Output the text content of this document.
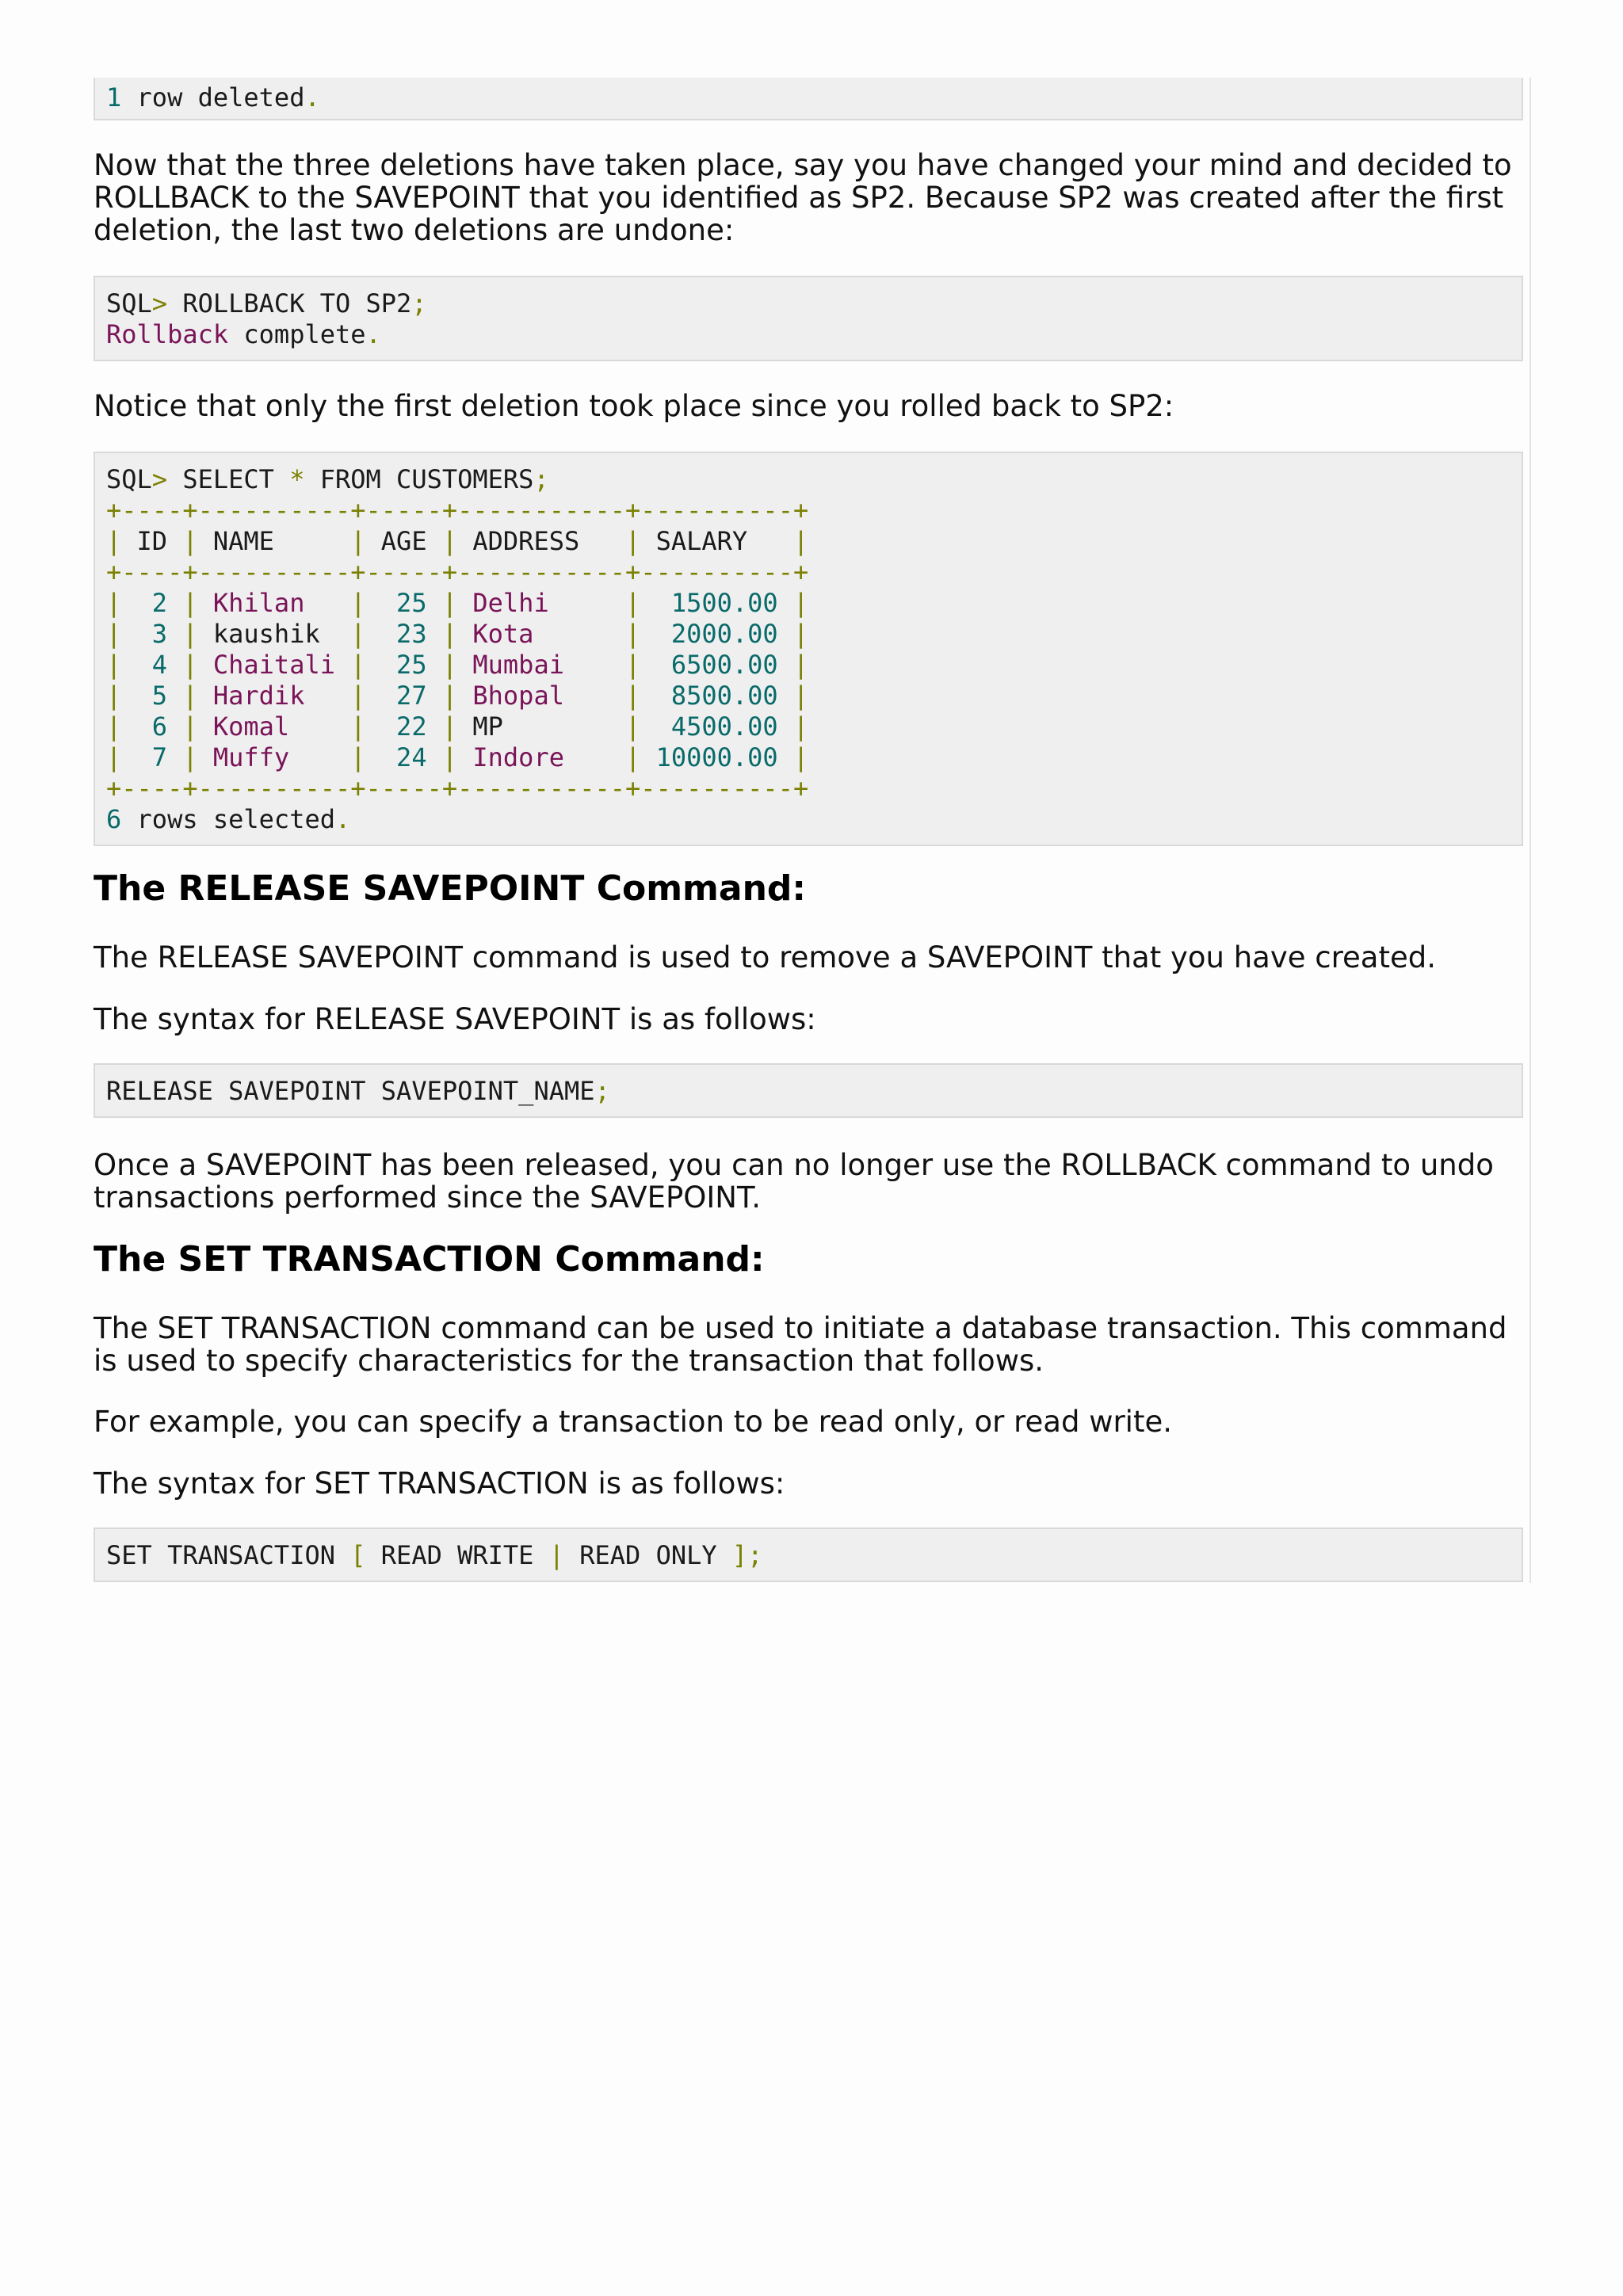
1 row deleted.

Now that the three deletions have taken place, say you have changed your mind and decided to ROLLBACK to the SAVEPOINT that you identified as SP2. Because SP2 was created after the first deletion, the last two deletions are undone:

SQL> ROLLBACK TO SP2;
Rollback complete.

Notice that only the first deletion took place since you rolled back to SP2:

SQL> SELECT * FROM CUSTOMERS;
+----+----------+-----+-----------+----------+
| ID | NAME     | AGE | ADDRESS   | SALARY   |
+----+----------+-----+-----------+----------+
|  2 | Khilan   |  25 | Delhi     |  1500.00 |
|  3 | kaushik  |  23 | Kota      |  2000.00 |
|  4 | Chaitali |  25 | Mumbai    |  6500.00 |
|  5 | Hardik   |  27 | Bhopal    |  8500.00 |
|  6 | Komal    |  22 | MP        |  4500.00 |
|  7 | Muffy    |  24 | Indore    | 10000.00 |
+----+----------+-----+-----------+----------+
6 rows selected.
The RELEASE SAVEPOINT Command:

The RELEASE SAVEPOINT command is used to remove a SAVEPOINT that you have created.

The syntax for RELEASE SAVEPOINT is as follows:

RELEASE SAVEPOINT SAVEPOINT_NAME;

Once a SAVEPOINT has been released, you can no longer use the ROLLBACK command to undo transactions performed since the SAVEPOINT.

The SET TRANSACTION Command:

The SET TRANSACTION command can be used to initiate a database transaction. This command is used to specify characteristics for the transaction that follows.

For example, you can specify a transaction to be read only, or read write.

The syntax for SET TRANSACTION is as follows:

SET TRANSACTION [ READ WRITE | READ ONLY ];
